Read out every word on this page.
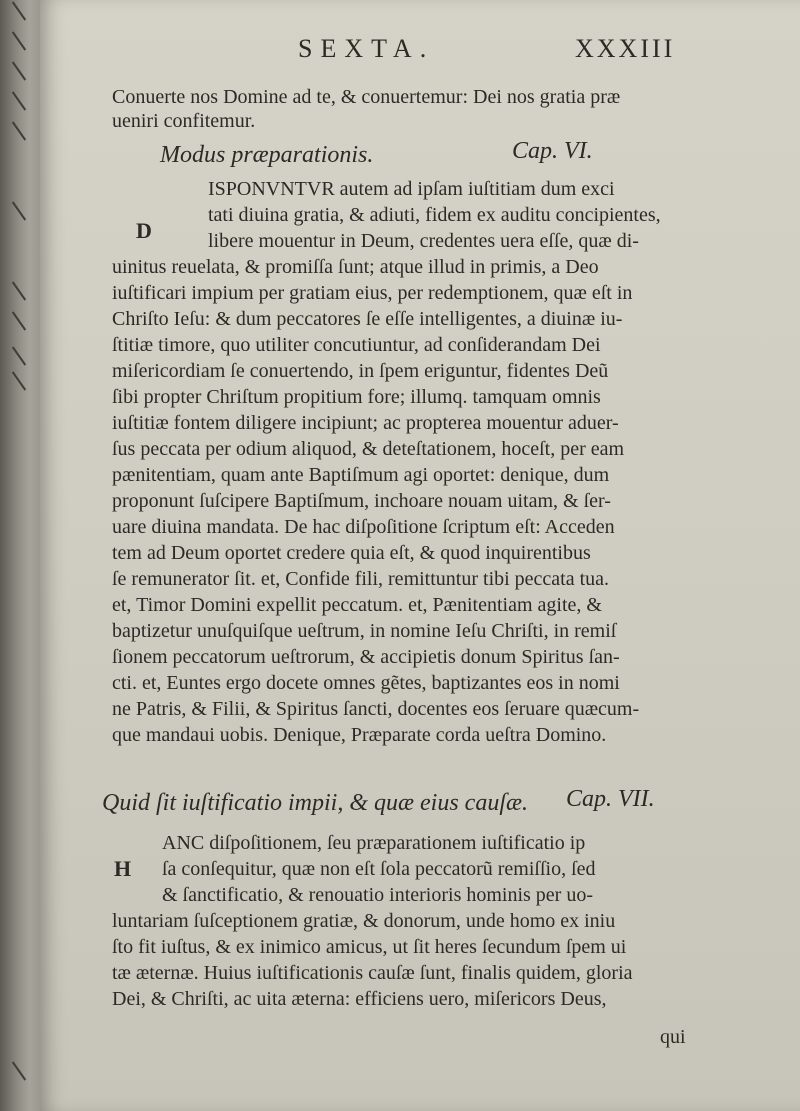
SEXTA.	XXXIII
Conuerte nos Domine ad te, & conuertemur: Dei nos gratia præ
ueniri confitemur.
Modus præparationis.	Cap. VI.
D
ISPONVNTVR autem ad ipſam iuſtitiam dum exci
tati diuina gratia, & adiuti, fidem ex auditu concipientes,
libere mouentur in Deum, credentes uera eſſe, quæ di-
uinitus reuelata, & promiſſa ſunt; atque illud in primis, a Deo
iuſtificari impium per gratiam eius, per redemptionem, quæ eſt in
Chriſto Ieſu: & dum peccatores ſe eſſe intelligentes, a diuinæ iu-
ſtitiæ timore, quo utiliter concutiuntur, ad conſiderandam Dei
miſericordiam ſe conuertendo, in ſpem eriguntur, fidentes Deũ
ſibi propter Chriſtum propitium fore; illumq. tamquam omnis
iuſtitiæ fontem diligere incipiunt; ac propterea mouentur aduer-
ſus peccata per odium aliquod, & deteſtationem, hoceſt, per eam
pænitentiam, quam ante Baptiſmum agi oportet: denique, dum
proponunt ſuſcipere Baptiſmum, inchoare nouam uitam, & ſer-
uare diuina mandata. De hac diſpoſitione ſcriptum eſt: Acceden
tem ad Deum oportet credere quia eſt, & quod inquirentibus
ſe remunerator ſit. et, Confide fili, remittuntur tibi peccata tua.
et, Timor Domini expellit peccatum. et, Pænitentiam agite, &
baptizetur unuſquiſque ueſtrum, in nomine Ieſu Chriſti, in remiſ
ſionem peccatorum ueſtrorum, & accipietis donum Spiritus ſan-
cti. et, Euntes ergo docete omnes gẽtes, baptizantes eos in nomi
ne Patris, & Filii, & Spiritus ſancti, docentes eos ſeruare quæcum-
que mandaui uobis. Denique, Præparate corda ueſtra Domino.
Quid ſit iuſtificatio impii, & quæ eius cauſæ. Cap. VII.
H
ANC diſpoſitionem, ſeu præparationem iuſtificatio ip
ſa conſequitur, quæ non eſt ſola peccatorũ remiſſio, ſed
& ſanctificatio, & renouatio interioris hominis per uo-
luntariam ſuſceptionem gratiæ, & donorum, unde homo ex iniu
ſto fit iuſtus, & ex inimico amicus, ut ſit heres ſecundum ſpem ui
tæ æternæ. Huius iuſtificationis cauſæ ſunt, finalis quidem, gloria
Dei, & Chriſti, ac uita æterna: efficiens uero, miſericors Deus,
qui
